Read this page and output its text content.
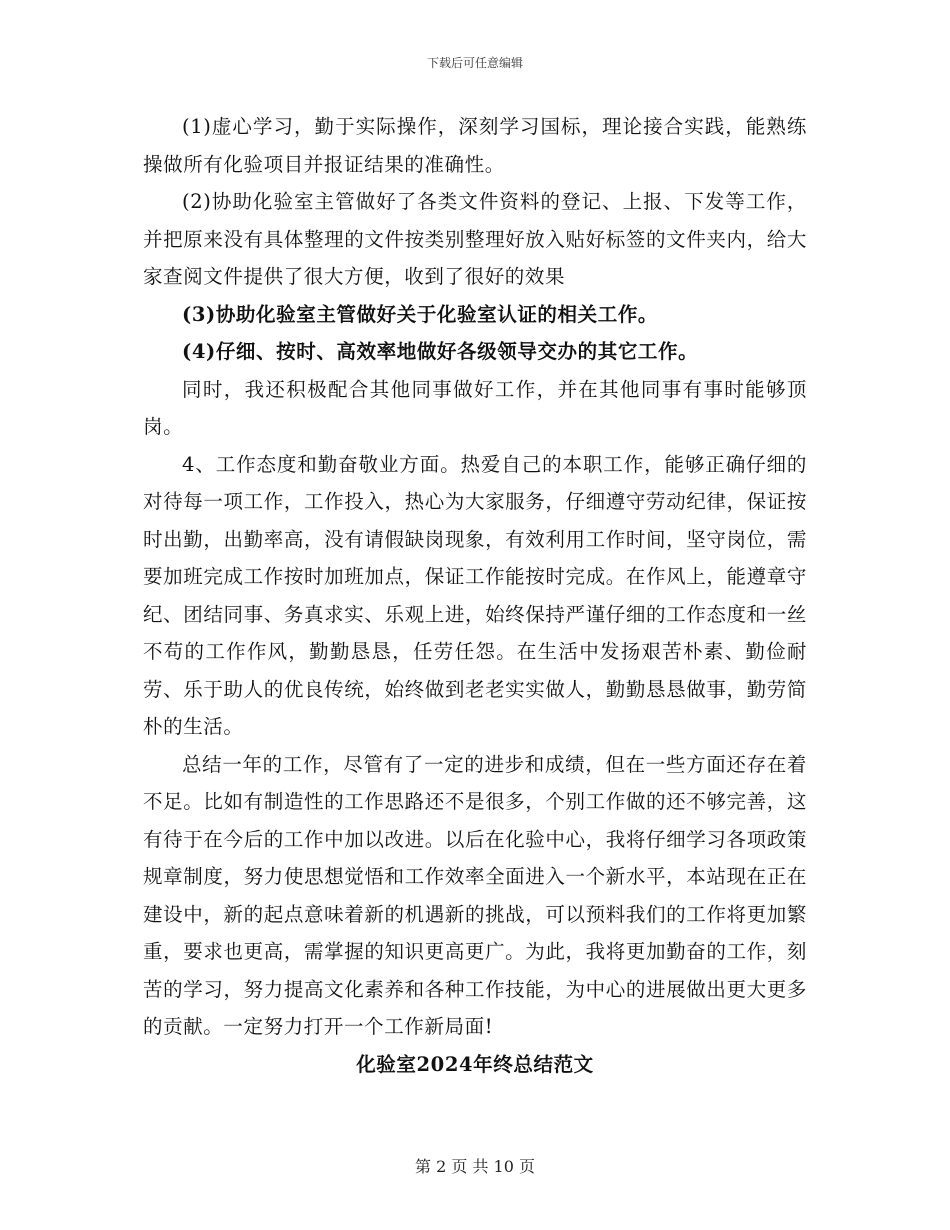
下载后可任意编辑

(1)虚心学习，勤于实际操作，深刻学习国标，理论接合实践，能熟练操做所有化验项目并报证结果的准确性。

(2)协助化验室主管做好了各类文件资料的登记、上报、下发等工作，并把原来没有具体整理的文件按类别整理好放入贴好标签的文件夹内，给大家查阅文件提供了很大方便，收到了很好的效果

(3)协助化验室主管做好关于化验室认证的相关工作。

(4)仔细、按时、高效率地做好各级领导交办的其它工作。

同时，我还积极配合其他同事做好工作，并在其他同事有事时能够顶岗。

4、工作态度和勤奋敬业方面。热爱自己的本职工作，能够正确仔细的对待每一项工作，工作投入，热心为大家服务，仔细遵守劳动纪律，保证按时出勤，出勤率高，没有请假缺岗现象，有效利用工作时间，坚守岗位，需要加班完成工作按时加班加点，保证工作能按时完成。在作风上，能遵章守纪、团结同事、务真求实、乐观上进，始终保持严谨仔细的工作态度和一丝不苟的工作作风，勤勤恳恳，任劳任怨。在生活中发扬艰苦朴素、勤俭耐劳、乐于助人的优良传统，始终做到老老实实做人，勤勤恳恳做事，勤劳简朴的生活。

总结一年的工作，尽管有了一定的进步和成绩，但在一些方面还存在着不足。比如有制造性的工作思路还不是很多，个别工作做的还不够完善，这有待于在今后的工作中加以改进。以后在化验中心，我将仔细学习各项政策规章制度，努力使思想觉悟和工作效率全面进入一个新水平，本站现在正在建设中，新的起点意味着新的机遇新的挑战，可以预料我们的工作将更加繁重，要求也更高，需掌握的知识更高更广。为此，我将更加勤奋的工作，刻苦的学习，努力提高文化素养和各种工作技能，为中心的进展做出更大更多的贡献。一定努力打开一个工作新局面!

化验室2024年终总结范文

第 2 页 共 10 页
